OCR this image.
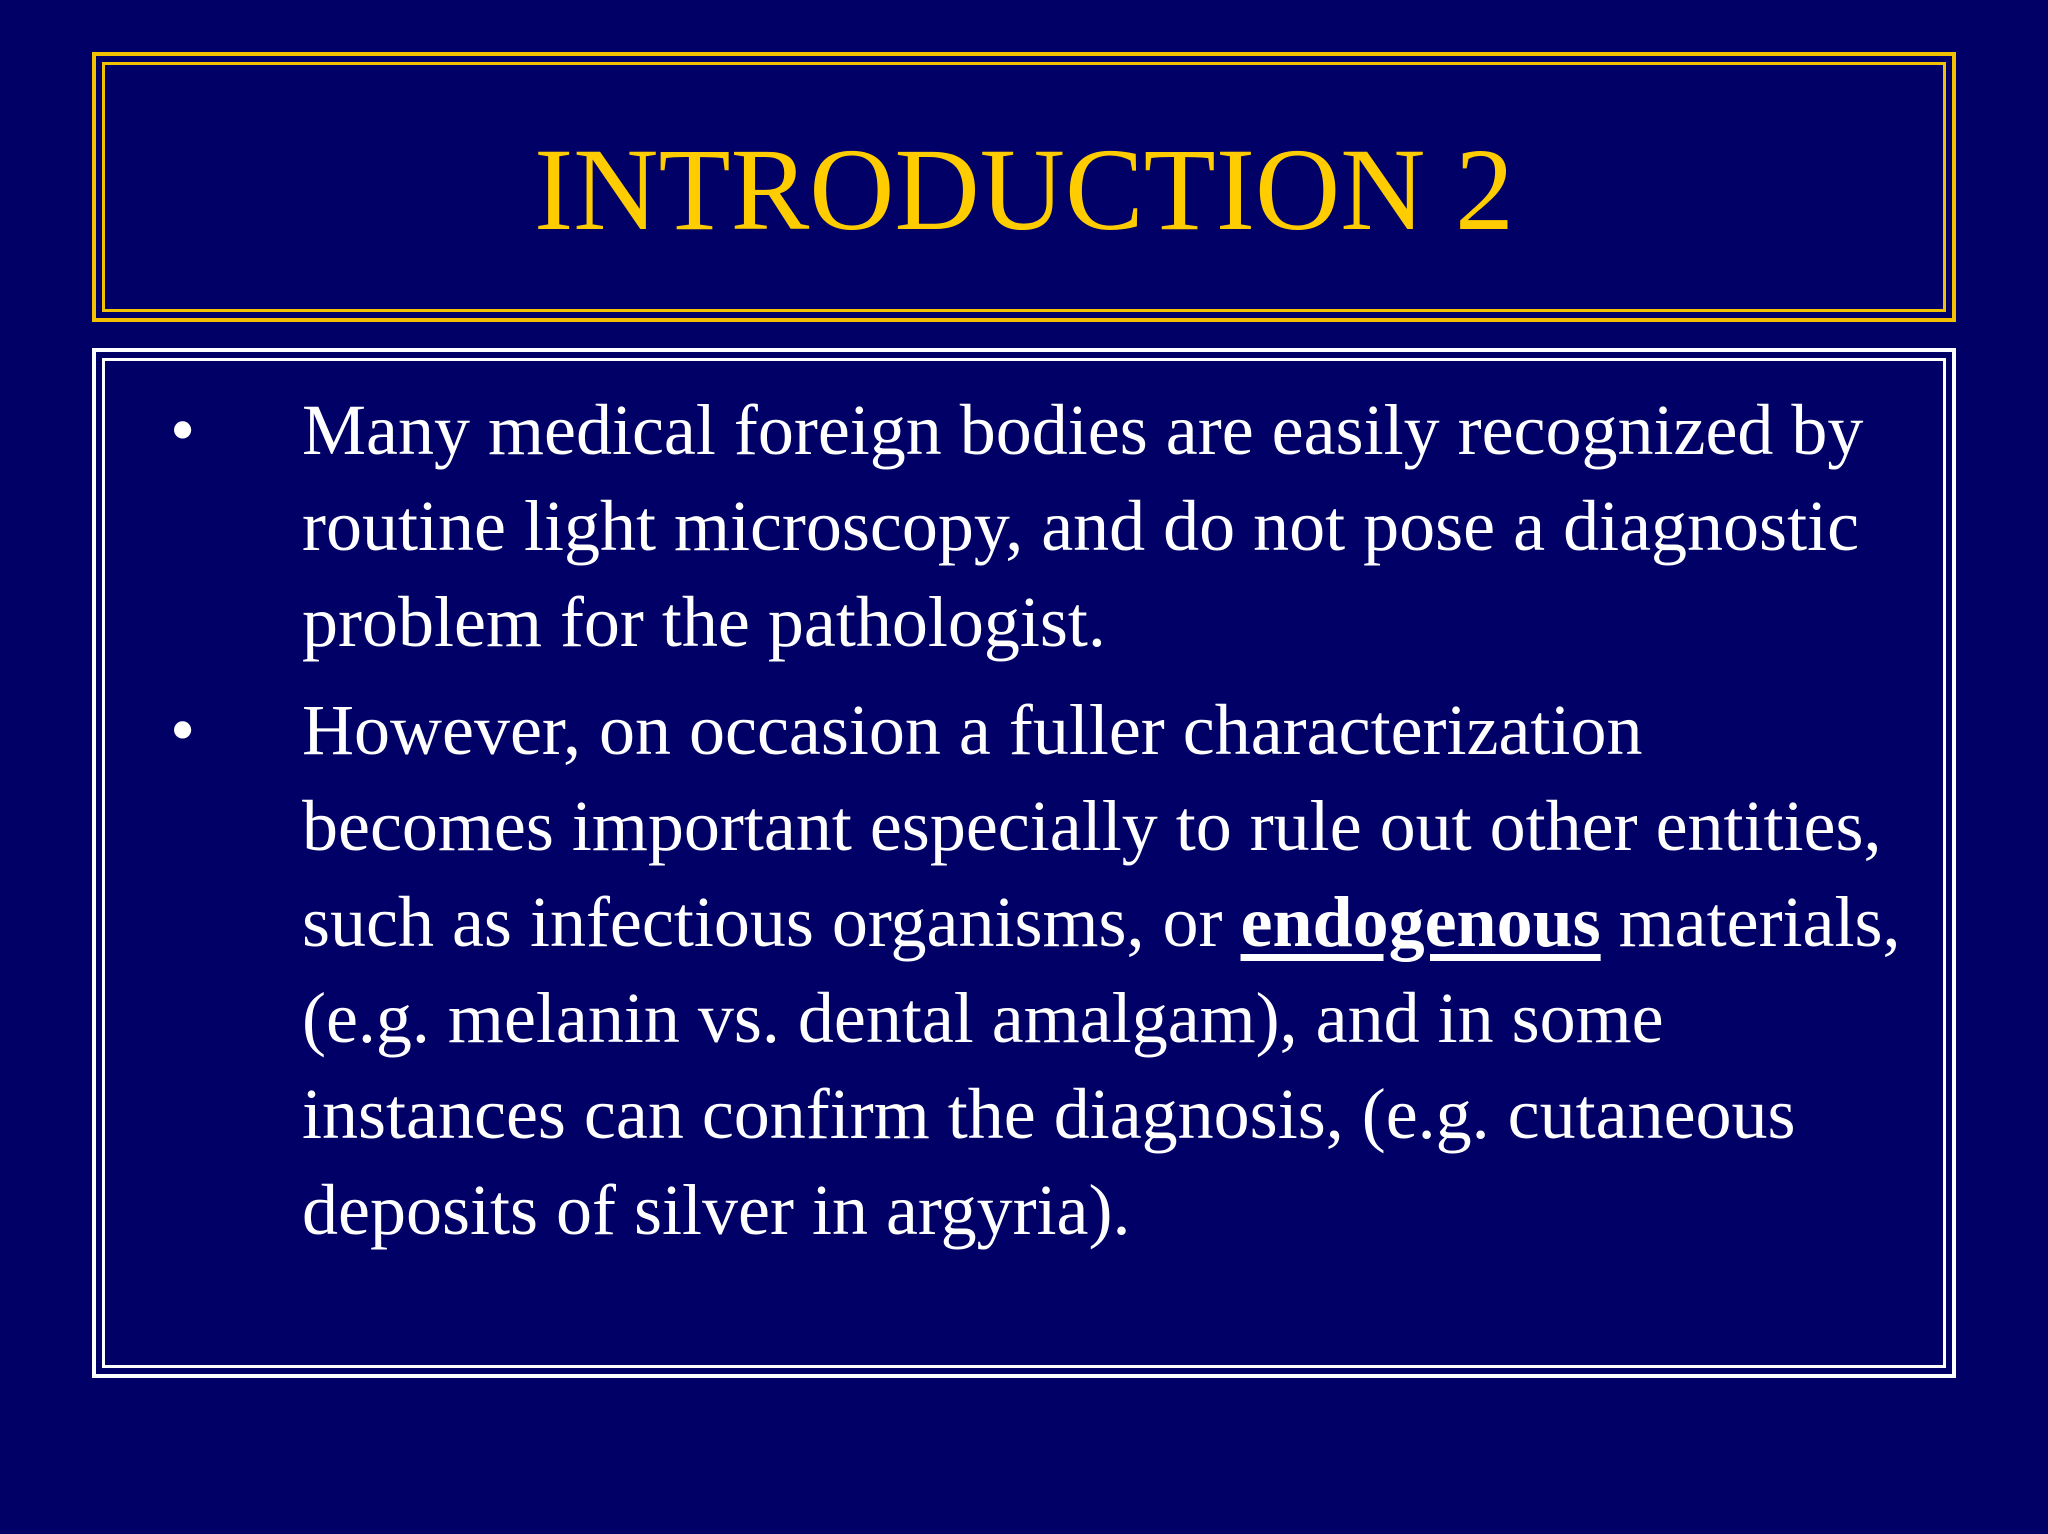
INTRODUCTION 2
• Many medical foreign bodies are easily recognized by routine light microscopy, and do not pose a diagnostic problem for the pathologist.
• However, on occasion a fuller characterization becomes important especially to rule out other entities, such as infectious organisms, or endogenous materials, (e.g. melanin vs. dental amalgam), and in some instances can confirm the diagnosis, (e.g. cutaneous deposits of silver in argyria).
